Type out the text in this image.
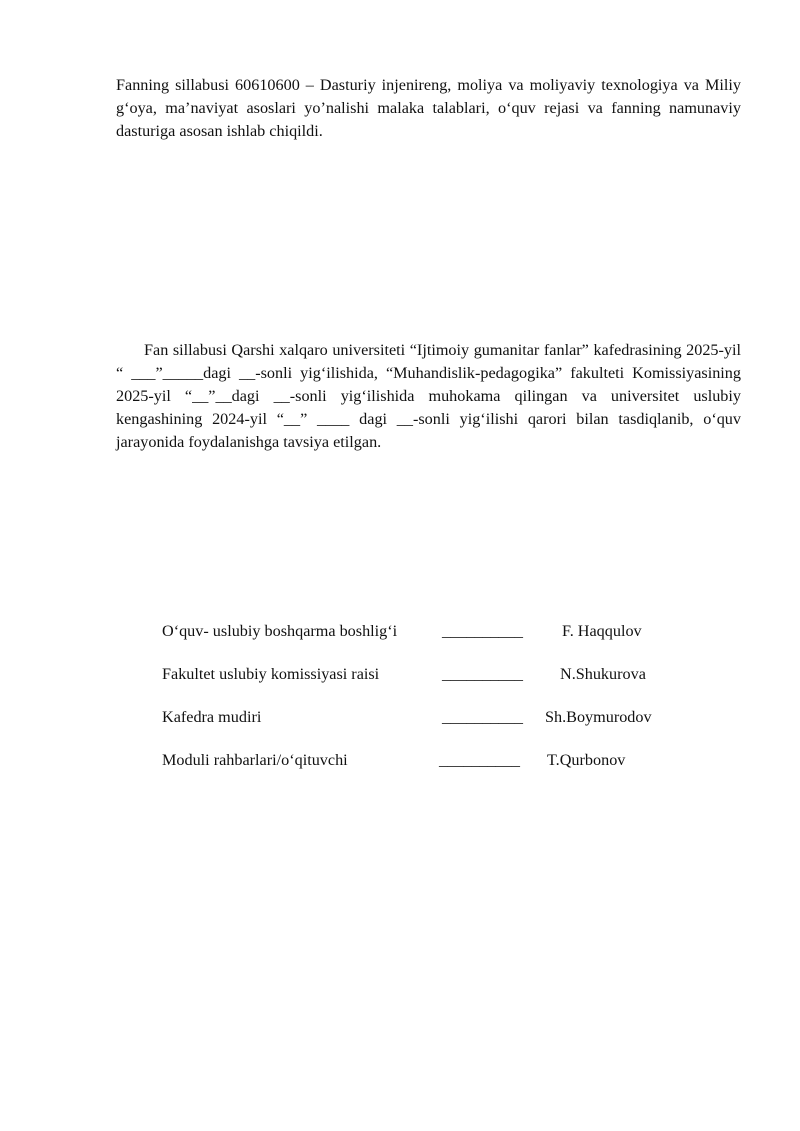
Fanning sillabusi 60610600 – Dasturiy injenireng, moliya va moliyaviy texnologiya va Miliy g‘oya, ma’naviyat asoslari yo’nalishi malaka talablari, o‘quv rejasi va fanning namunaviy dasturiga asosan ishlab chiqildi.

Fan sillabusi Qarshi xalqaro universiteti “Ijtimoiy gumanitar fanlar” kafedrasining 2025-yil “ ___”_____dagi __-sonli yig‘ilishida, “Muhandislik-pedagogika” fakulteti Komissiyasining 2025-yil “__”__dagi __-sonli yig‘ilishida muhokama qilingan va universitet uslubiy kengashining 2024-yil “__” ____ dagi __-sonli yig‘ilishi qarori bilan tasdiqlanib, o‘quv jarayonida foydalanishga tavsiya etilgan.

O‘quv- uslubiy boshqarma boshlig‘i	__________ F. Haqqulov
Fakultet uslubiy komissiyasi raisi	__________ N.Shukurova
Kafedra mudiri	__________ Sh.Boymurodov
Moduli rahbarlari/o‘qituvchi	__________ T.Qurbonov
